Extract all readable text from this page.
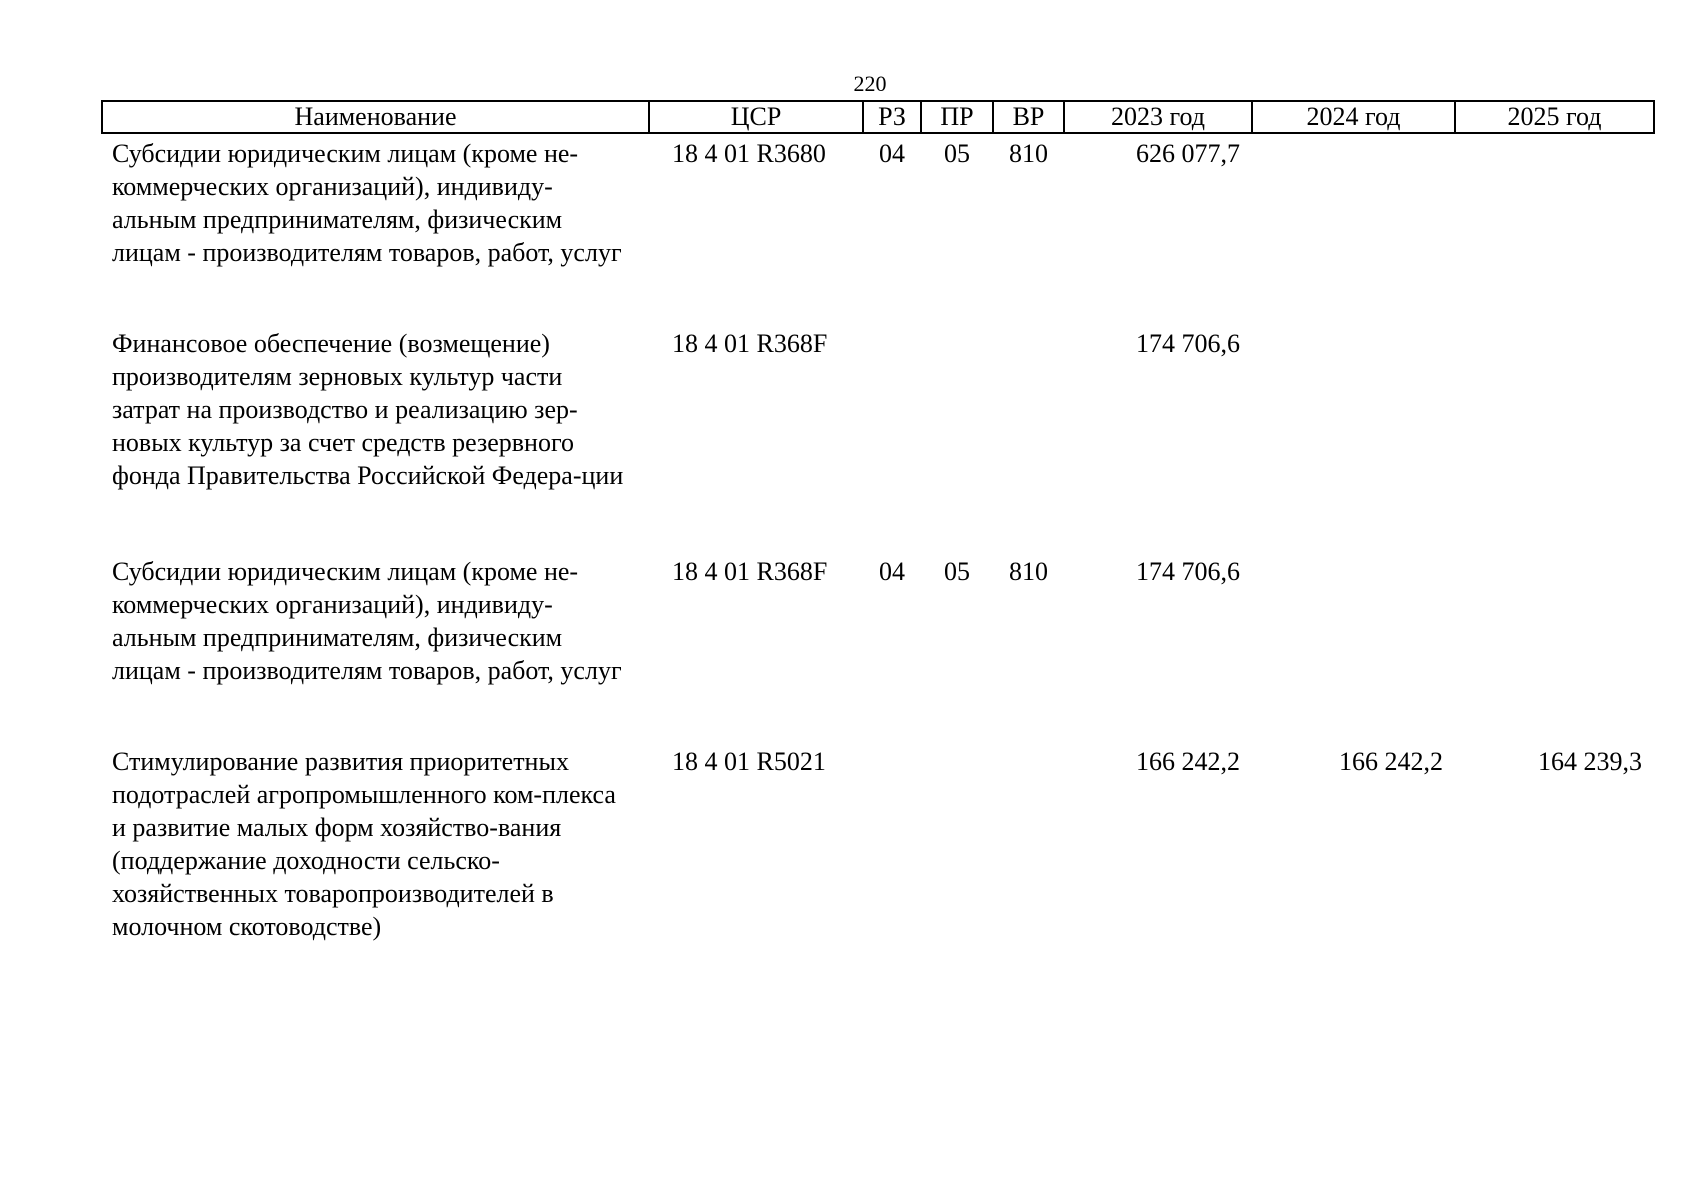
220
Наименование	ЦСР	РЗ	ПР	ВР	2023 год	2024 год	2025 год
Субсидии юридическим лицам (кроме не-коммерческих организаций), индивиду-альным предпринимателям, физическим лицам - производителям товаров, работ, услуг	18 4 01 R3680	04	05	810	626 077,7		
Финансовое обеспечение (возмещение) производителям зерновых культур части затрат на производство и реализацию зер-новых культур за счет средств резервного фонда Правительства Российской Федера-ции	18 4 01 R368F				174 706,6		
Субсидии юридическим лицам (кроме не-коммерческих организаций), индивиду-альным предпринимателям, физическим лицам - производителям товаров, работ, услуг	18 4 01 R368F	04	05	810	174 706,6		
Стимулирование развития приоритетных подотраслей агропромышленного ком-плекса и развитие малых форм хозяйство-вания (поддержание доходности сельско-хозяйственных товаропроизводителей в молочном скотоводстве)	18 4 01 R5021				166 242,2	166 242,2	164 239,3
